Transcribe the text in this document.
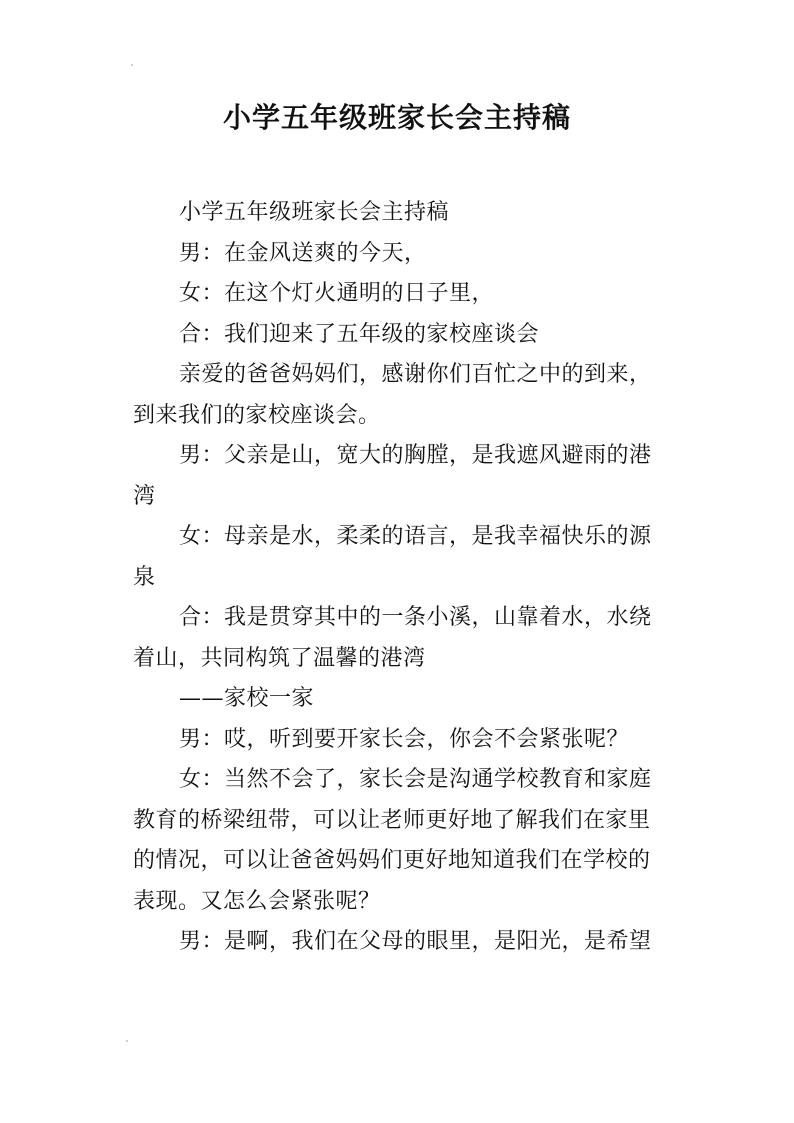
小学五年级班家长会主持稿

小学五年级班家长会主持稿

男：在金风送爽的今天，

女：在这个灯火通明的日子里，

合：我们迎来了五年级的家校座谈会

亲爱的爸爸妈妈们，感谢你们百忙之中的到来，到来我们的家校座谈会。

男：父亲是山，宽大的胸膛，是我遮风避雨的港湾

女：母亲是水，柔柔的语言，是我幸福快乐的源泉

合：我是贯穿其中的一条小溪，山靠着水，水绕着山，共同构筑了温馨的港湾

——家校一家

男：哎，听到要开家长会，你会不会紧张呢？

女：当然不会了，家长会是沟通学校教育和家庭教育的桥梁纽带，可以让老师更好地了解我们在家里的情况，可以让爸爸妈妈们更好地知道我们在学校的表现。又怎么会紧张呢？

男：是啊，我们在父母的眼里，是阳光，是希望
